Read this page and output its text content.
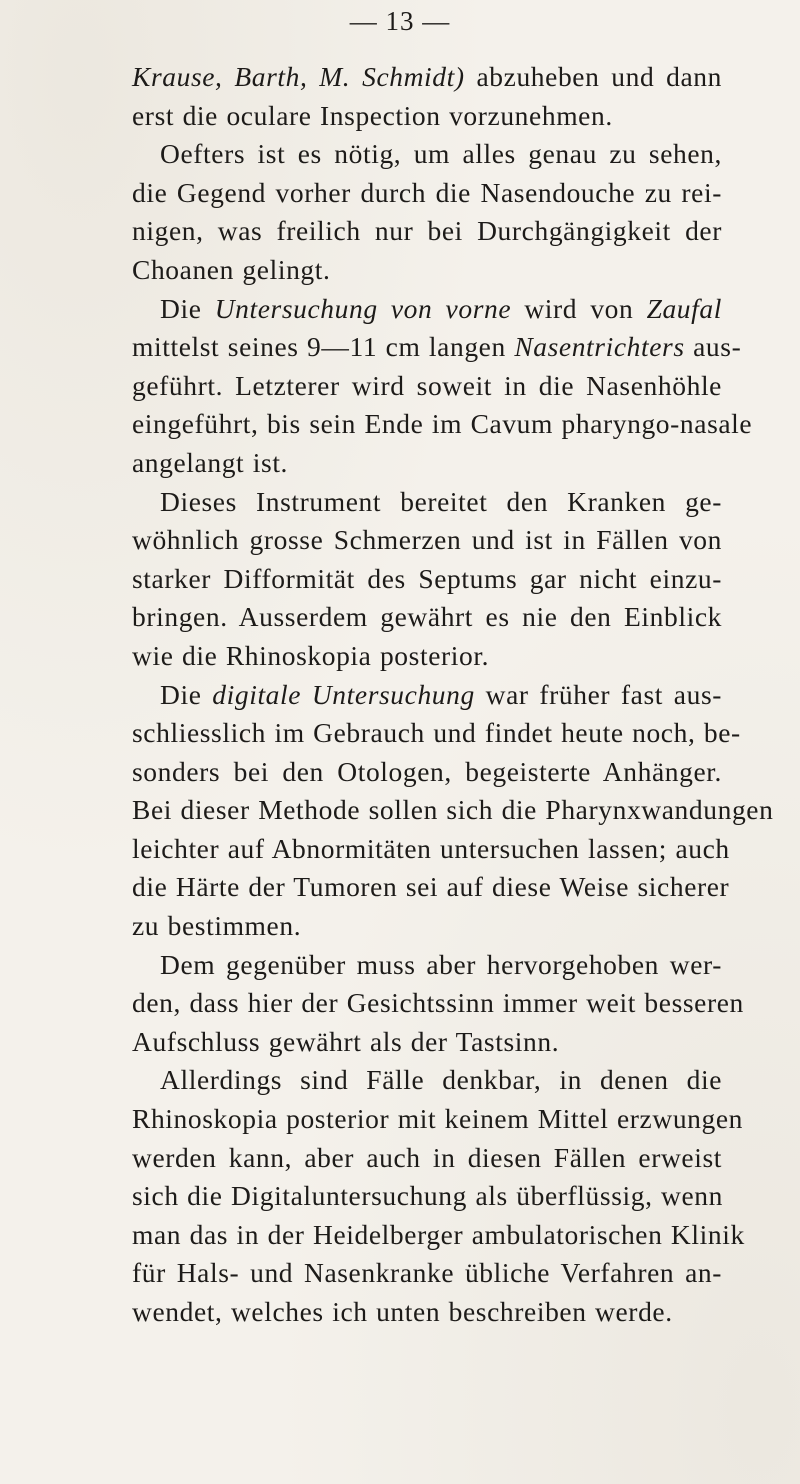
— 13 —
Krause, Barth, M. Schmidt) abzuheben und dann
erst die oculare Inspection vorzunehmen.
Oefters ist es nötig, um alles genau zu sehen,
die Gegend vorher durch die Nasendouche zu rei-
nigen, was freilich nur bei Durchgängigkeit der
Choanen gelingt.
Die Untersuchung von vorne wird von Zaufal
mittelst seines 9—11 cm langen Nasentrichters aus-
geführt. Letzterer wird soweit in die Nasenhöhle
eingeführt, bis sein Ende im Cavum pharyngo-nasale
angelangt ist.
Dieses Instrument bereitet den Kranken ge-
wöhnlich grosse Schmerzen und ist in Fällen von
starker Difformität des Septums gar nicht einzu-
bringen. Ausserdem gewährt es nie den Einblick
wie die Rhinoskopia posterior.
Die digitale Untersuchung war früher fast aus-
schliesslich im Gebrauch und findet heute noch, be-
sonders bei den Otologen, begeisterte Anhänger.
Bei dieser Methode sollen sich die Pharynxwandungen
leichter auf Abnormitäten untersuchen lassen; auch
die Härte der Tumoren sei auf diese Weise sicherer
zu bestimmen.
Dem gegenüber muss aber hervorgehoben wer-
den, dass hier der Gesichtssinn immer weit besseren
Aufschluss gewährt als der Tastsinn.
Allerdings sind Fälle denkbar, in denen die
Rhinoskopia posterior mit keinem Mittel erzwungen
werden kann, aber auch in diesen Fällen erweist
sich die Digitaluntersuchung als überflüssig, wenn
man das in der Heidelberger ambulatorischen Klinik
für Hals- und Nasenkranke übliche Verfahren an-
wendet, welches ich unten beschreiben werde.
